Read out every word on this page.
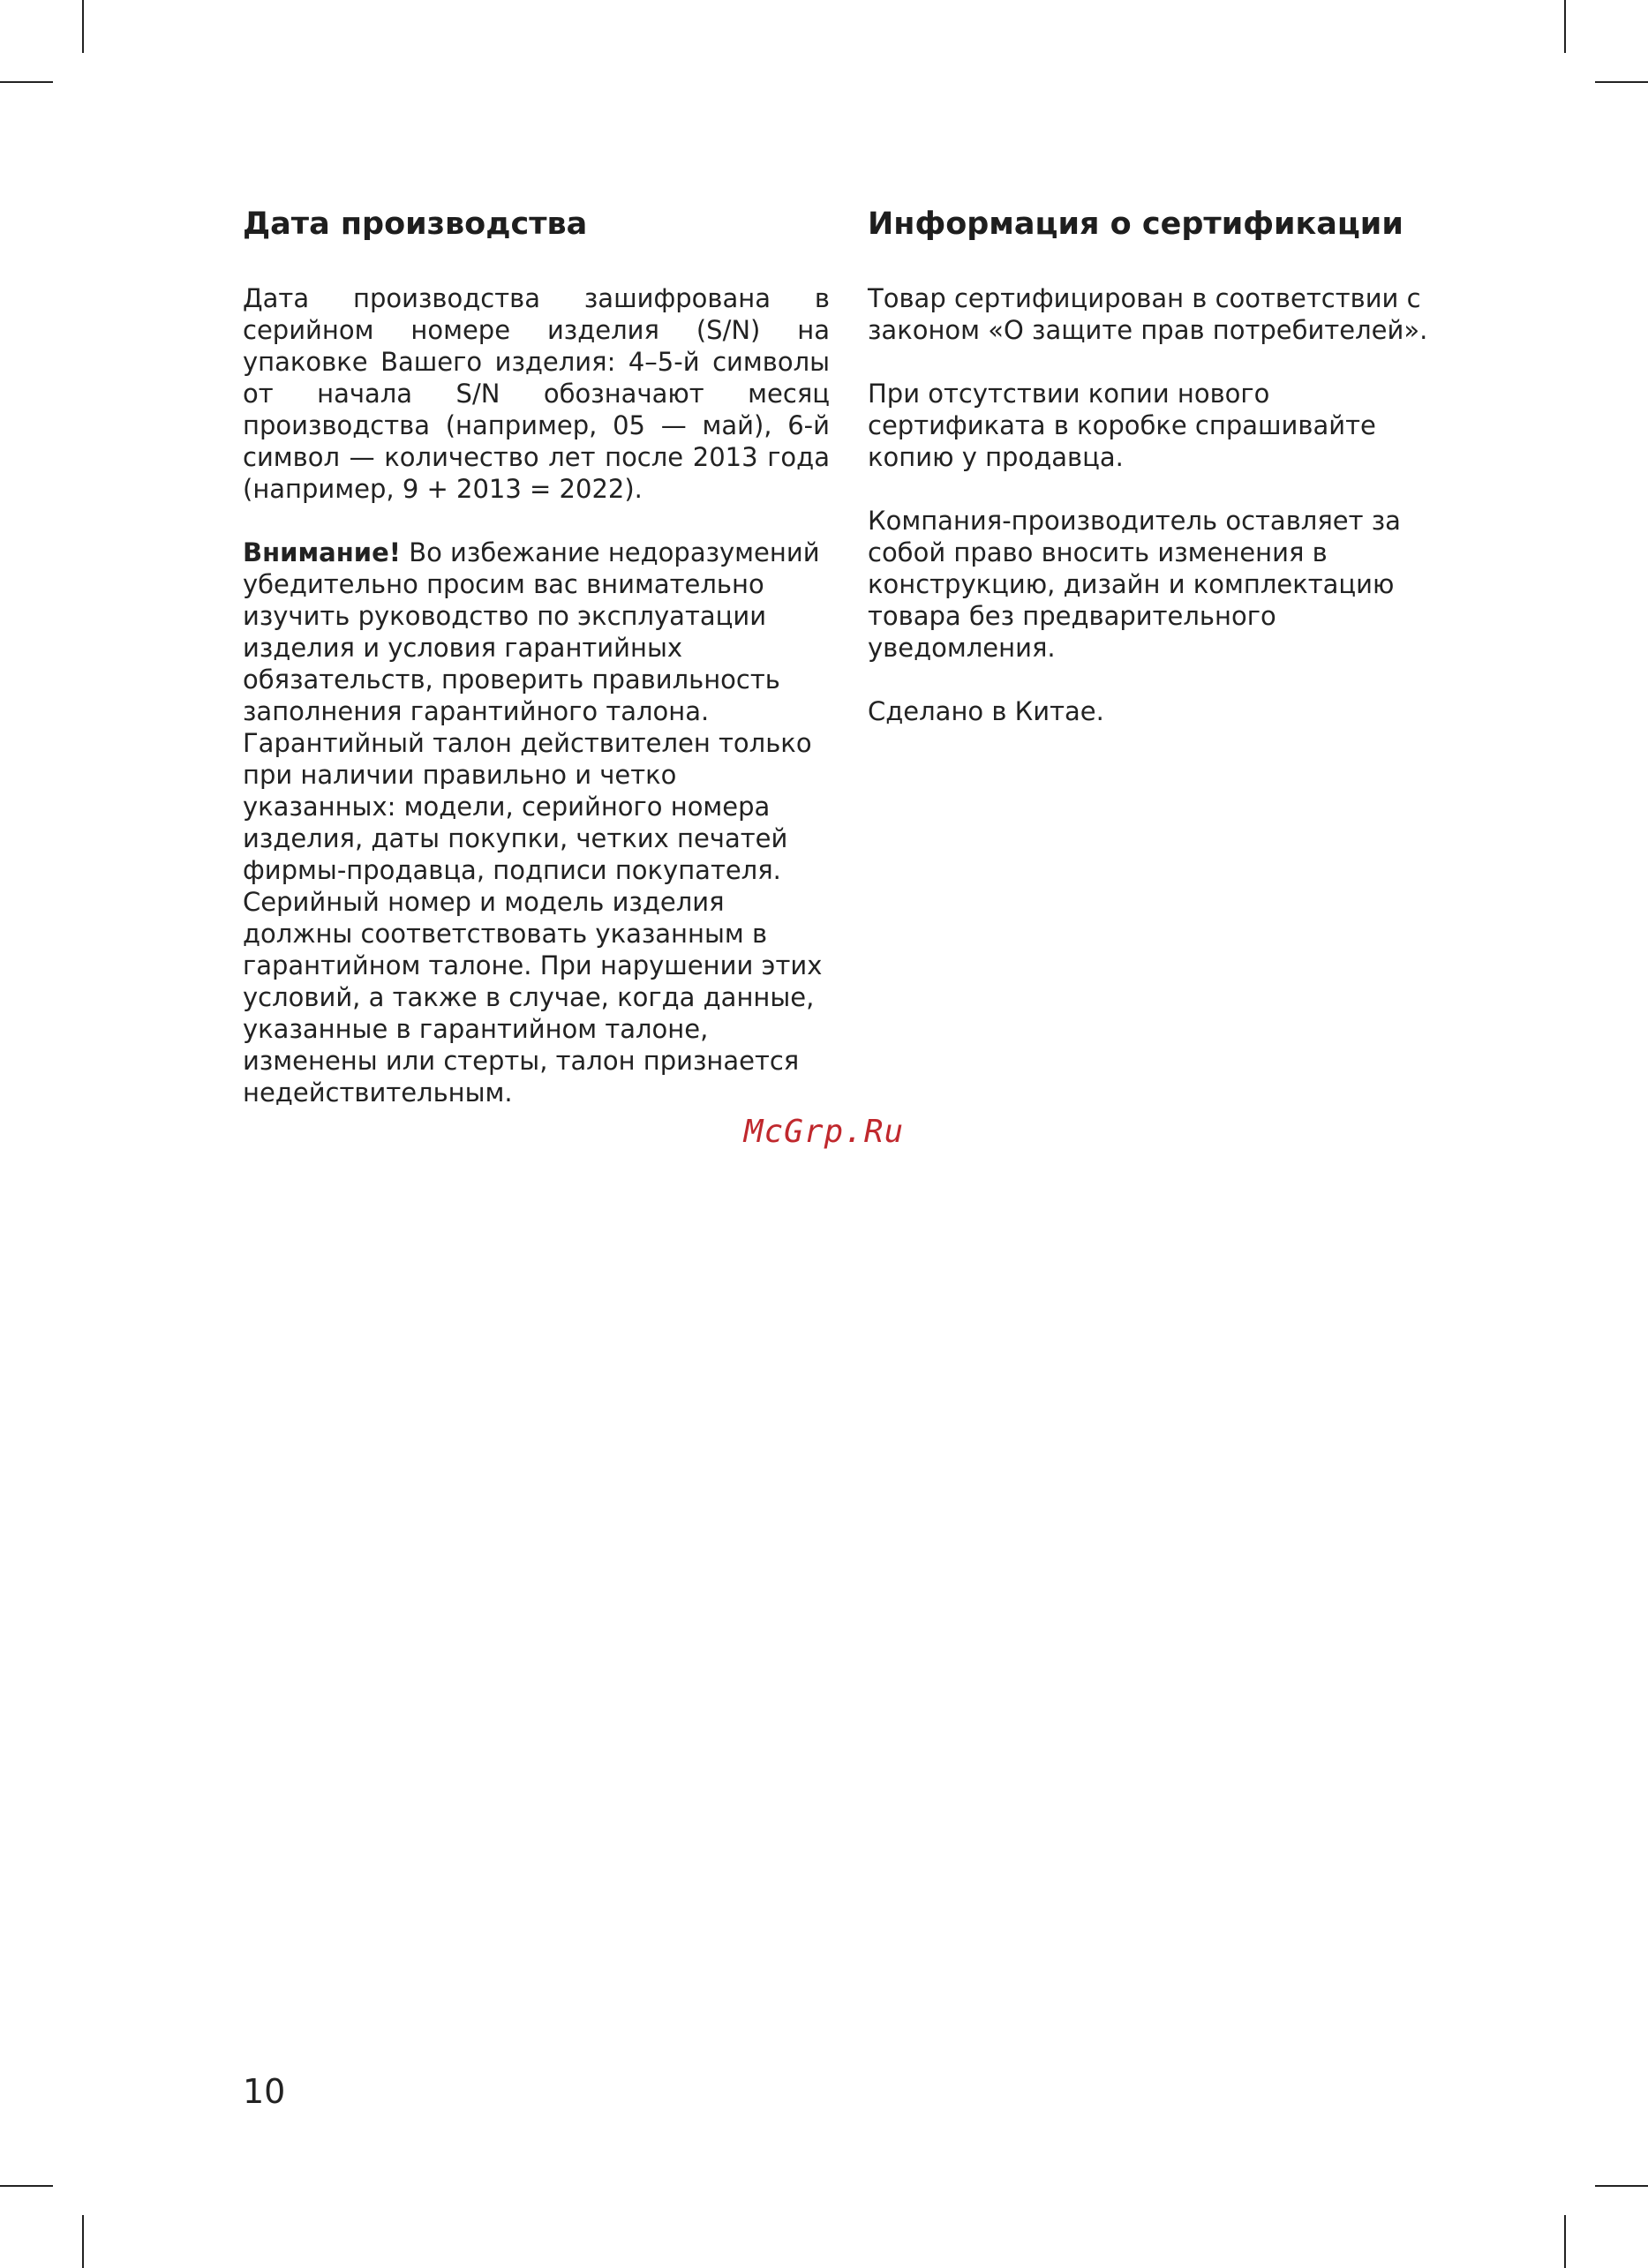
Дата производства

Дата производства зашифрована в серийном номере изделия (S/N) на упаковке Вашего изделия: 4–5-й символы от начала S/N обозначают месяц производства (например, 05 — май), 6-й символ — количество лет после 2013 года (например, 9 + 2013 = 2022).

Внимание! Во избежание недоразумений убедительно просим вас внимательно изучить руководство по эксплуатации изделия и условия гарантийных обязательств, проверить правильность заполнения гарантийного талона. Гарантийный талон действителен только при наличии правильно и четко указанных: модели, серийного номера изделия, даты покупки, четких печатей фирмы-продавца, подписи покупателя. Серийный номер и модель изделия должны соответствовать указанным в гарантийном талоне. При нарушении этих условий, а также в случае, когда данные, указанные в гарантийном талоне, изменены или стерты, талон признается недействительным.

Информация о сертификации

Товар сертифицирован в соответствии с законом «О защите прав потребителей».

При отсутствии копии нового сертификата в коробке спрашивайте копию у продавца.

Компания-производитель оставляет за собой право вносить изменения в конструкцию, дизайн и комплектацию товара без предварительного уведомления.

Сделано в Китае.

McGrp.Ru
10
